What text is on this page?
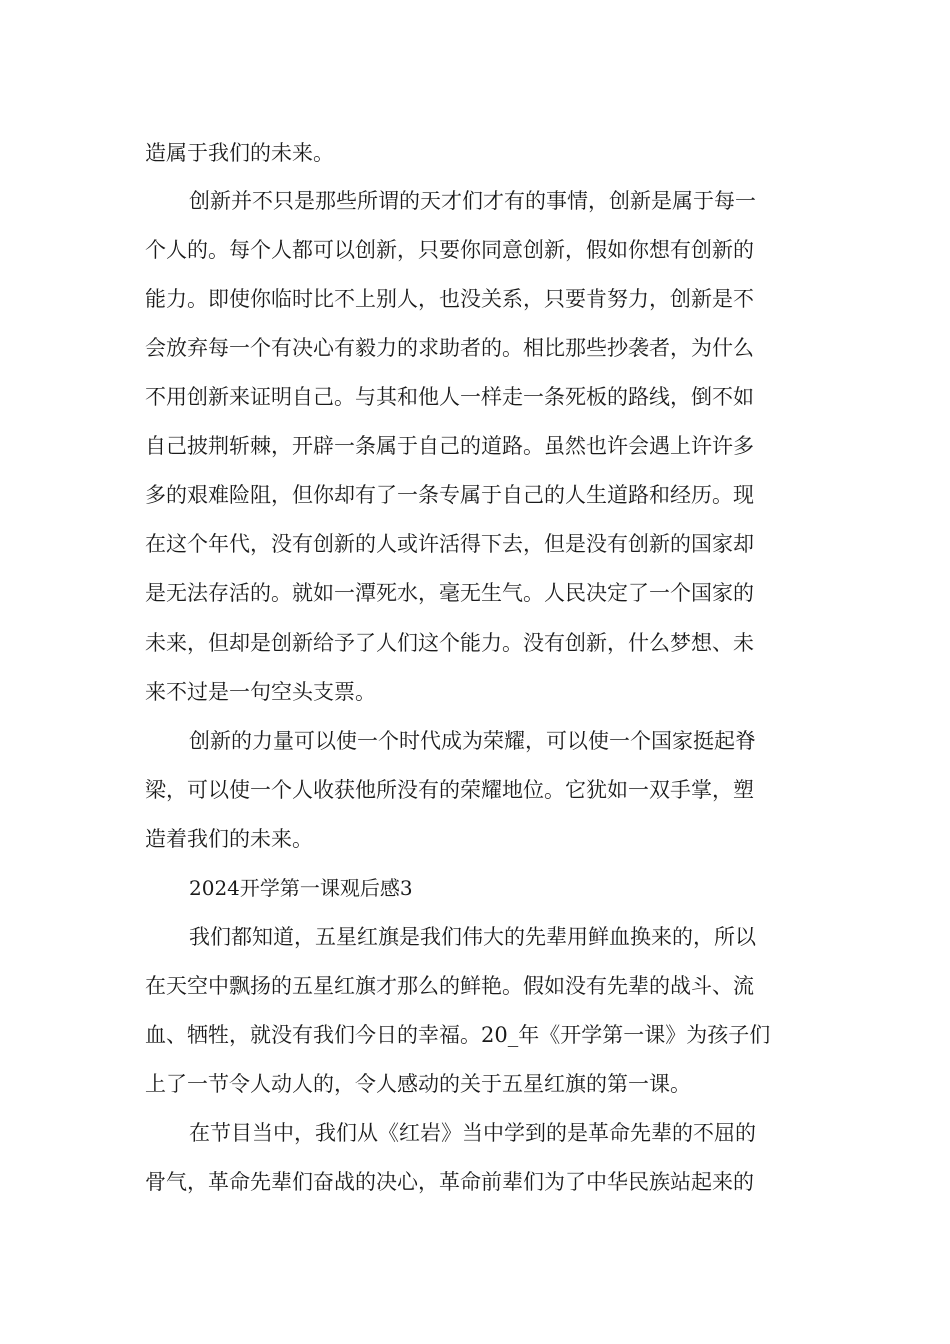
造属于我们的未来。
创新并不只是那些所谓的天才们才有的事情，创新是属于每一
个人的。每个人都可以创新，只要你同意创新，假如你想有创新的
能力。即使你临时比不上别人，也没关系，只要肯努力，创新是不
会放弃每一个有决心有毅力的求助者的。相比那些抄袭者，为什么
不用创新来证明自己。与其和他人一样走一条死板的路线，倒不如
自己披荆斩棘，开辟一条属于自己的道路。虽然也许会遇上许许多
多的艰难险阻，但你却有了一条专属于自己的人生道路和经历。现
在这个年代，没有创新的人或许活得下去，但是没有创新的国家却
是无法存活的。就如一潭死水，毫无生气。人民决定了一个国家的
未来，但却是创新给予了人们这个能力。没有创新，什么梦想、未
来不过是一句空头支票。
创新的力量可以使一个时代成为荣耀，可以使一个国家挺起脊
梁，可以使一个人收获他所没有的荣耀地位。它犹如一双手掌，塑
造着我们的未来。
2024开学第一课观后感3
我们都知道，五星红旗是我们伟大的先辈用鲜血换来的，所以
在天空中飘扬的五星红旗才那么的鲜艳。假如没有先辈的战斗、流
血、牺牲，就没有我们今日的幸福。20_年《开学第一课》为孩子们
上了一节令人动人的，令人感动的关于五星红旗的第一课。
在节目当中，我们从《红岩》当中学到的是革命先辈的不屈的
骨气，革命先辈们奋战的决心，革命前辈们为了中华民族站起来的
